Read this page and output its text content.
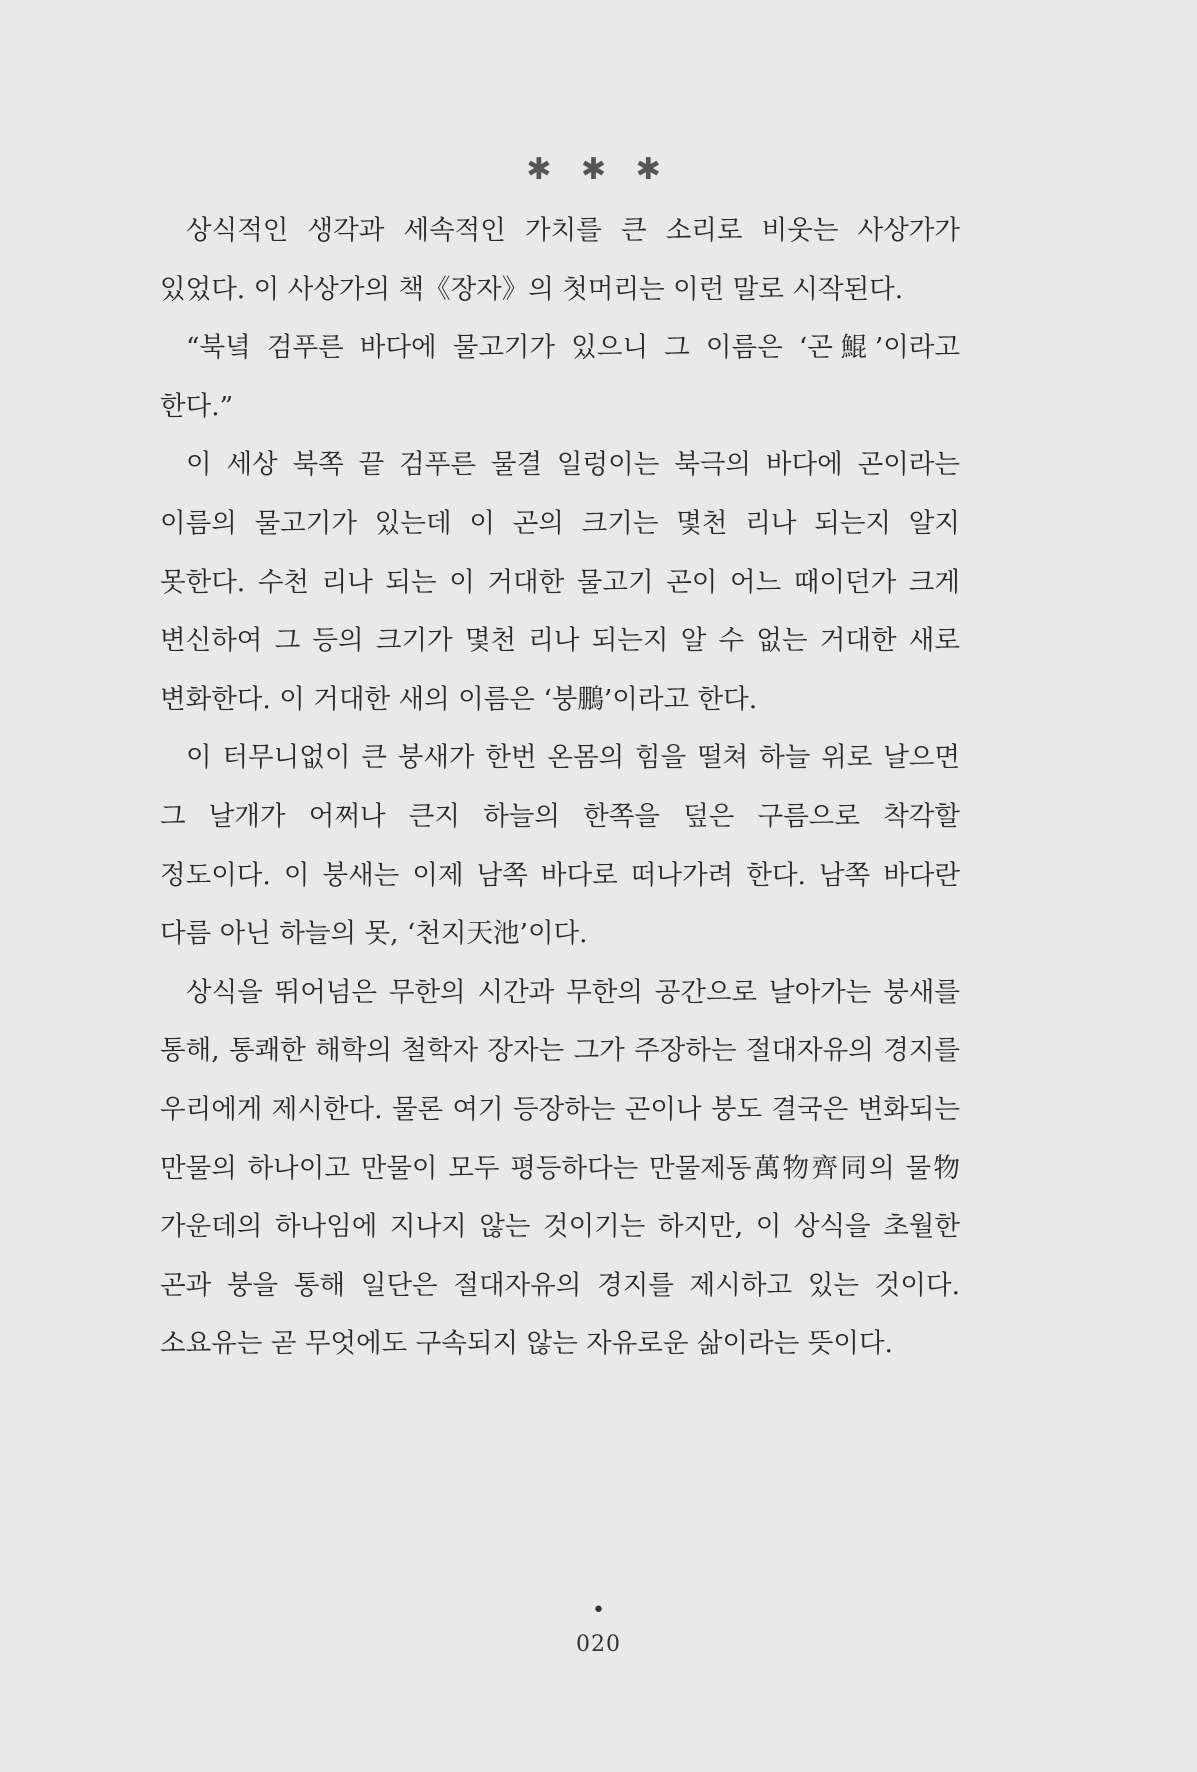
✱ ✱ ✱

상식적인 생각과 세속적인 가치를 큰 소리로 비웃는 사상가가 있었다. 이 사상가의 책《장자》의 첫머리는 이런 말로 시작된다.

“북녘 검푸른 바다에 물고기가 있으니 그 이름은 ‘곤鯤’이라고 한다.”

이 세상 북쪽 끝 검푸른 물결 일렁이는 북극의 바다에 곤이라는 이름의 물고기가 있는데 이 곤의 크기는 몇천 리나 되는지 알지 못한다. 수천 리나 되는 이 거대한 물고기 곤이 어느 때이던가 크게 변신하여 그 등의 크기가 몇천 리나 되는지 알 수 없는 거대한 새로 변화한다. 이 거대한 새의 이름은 ‘붕鵬’이라고 한다.

이 터무니없이 큰 붕새가 한번 온몸의 힘을 떨쳐 하늘 위로 날으면 그 날개가 어쩌나 큰지 하늘의 한쪽을 덮은 구름으로 착각할 정도이다. 이 붕새는 이제 남쪽 바다로 떠나가려 한다. 남쪽 바다란 다름 아닌 하늘의 못, ‘천지天池’이다.

상식을 뛰어넘은 무한의 시간과 무한의 공간으로 날아가는 붕새를 통해, 통쾌한 해학의 철학자 장자는 그가 주장하는 절대자유의 경지를 우리에게 제시한다. 물론 여기 등장하는 곤이나 붕도 결국은 변화되는 만물의 하나이고 만물이 모두 평등하다는 만물제동萬物齊同의 물物 가운데의 하나임에 지나지 않는 것이기는 하지만, 이 상식을 초월한 곤과 붕을 통해 일단은 절대자유의 경지를 제시하고 있는 것이다. 소요유는 곧 무엇에도 구속되지 않는 자유로운 삶이라는 뜻이다.

•
020
